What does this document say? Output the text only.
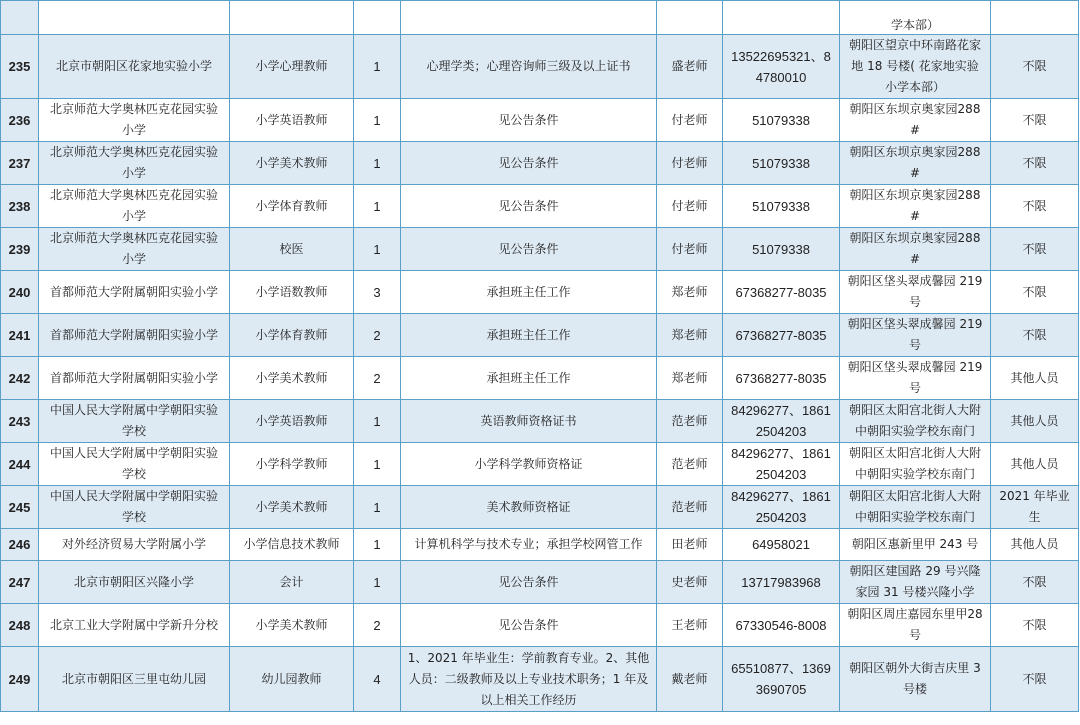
							学本部）	
235	北京市朝阳区花家地实验小学	小学心理教师	1	心理学类；心理咨询师三级及以上证书	盛老师	13522695321、84780010	朝阳区望京中环南路花家地 18 号楼( 花家地实验小学本部）	不限
236	北京师范大学奥林匹克花园实验小学	小学英语教师	1	见公告条件	付老师	51079338	朝阳区东坝京奥家园288#	不限
237	北京师范大学奥林匹克花园实验小学	小学美术教师	1	见公告条件	付老师	51079338	朝阳区东坝京奥家园288#	不限
238	北京师范大学奥林匹克花园实验小学	小学体育教师	1	见公告条件	付老师	51079338	朝阳区东坝京奥家园288#	不限
239	北京师范大学奥林匹克花园实验小学	校医	1	见公告条件	付老师	51079338	朝阳区东坝京奥家园288#	不限
240	首都师范大学附属朝阳实验小学	小学语数教师	3	承担班主任工作	郑老师	67368277-8035	朝阳区垡头翠成馨园 219号	不限
241	首都师范大学附属朝阳实验小学	小学体育教师	2	承担班主任工作	郑老师	67368277-8035	朝阳区垡头翠成馨园 219号	不限
242	首都师范大学附属朝阳实验小学	小学美术教师	2	承担班主任工作	郑老师	67368277-8035	朝阳区垡头翠成馨园 219号	其他人员
243	中国人民大学附属中学朝阳实验学校	小学英语教师	1	英语教师资格证书	范老师	84296277、18612504203	朝阳区太阳宫北街人大附中朝阳实验学校东南门	其他人员
244	中国人民大学附属中学朝阳实验学校	小学科学教师	1	小学科学教师资格证	范老师	84296277、18612504203	朝阳区太阳宫北街人大附中朝阳实验学校东南门	其他人员
245	中国人民大学附属中学朝阳实验学校	小学美术教师	1	美术教师资格证	范老师	84296277、18612504203	朝阳区太阳宫北街人大附中朝阳实验学校东南门	2021 年毕业生
246	对外经济贸易大学附属小学	小学信息技术教师	1	计算机科学与技术专业；承担学校网管工作	田老师	64958021	朝阳区惠新里甲 243 号	其他人员
247	北京市朝阳区兴隆小学	会计	1	见公告条件	史老师	13717983968	朝阳区建国路 29 号兴隆家园 31 号楼兴隆小学	不限
248	北京工业大学附属中学新升分校	小学美术教师	2	见公告条件	王老师	67330546-8008	朝阳区周庄嘉园东里甲28 号	不限
249	北京市朝阳区三里屯幼儿园	幼儿园教师	4	1、2021 年毕业生：学前教育专业。2、其他人员：二级教师及以上专业技术职务；1 年及以上相关工作经历	戴老师	65510877、13693690705	朝阳区朝外大街吉庆里 3号楼	不限
